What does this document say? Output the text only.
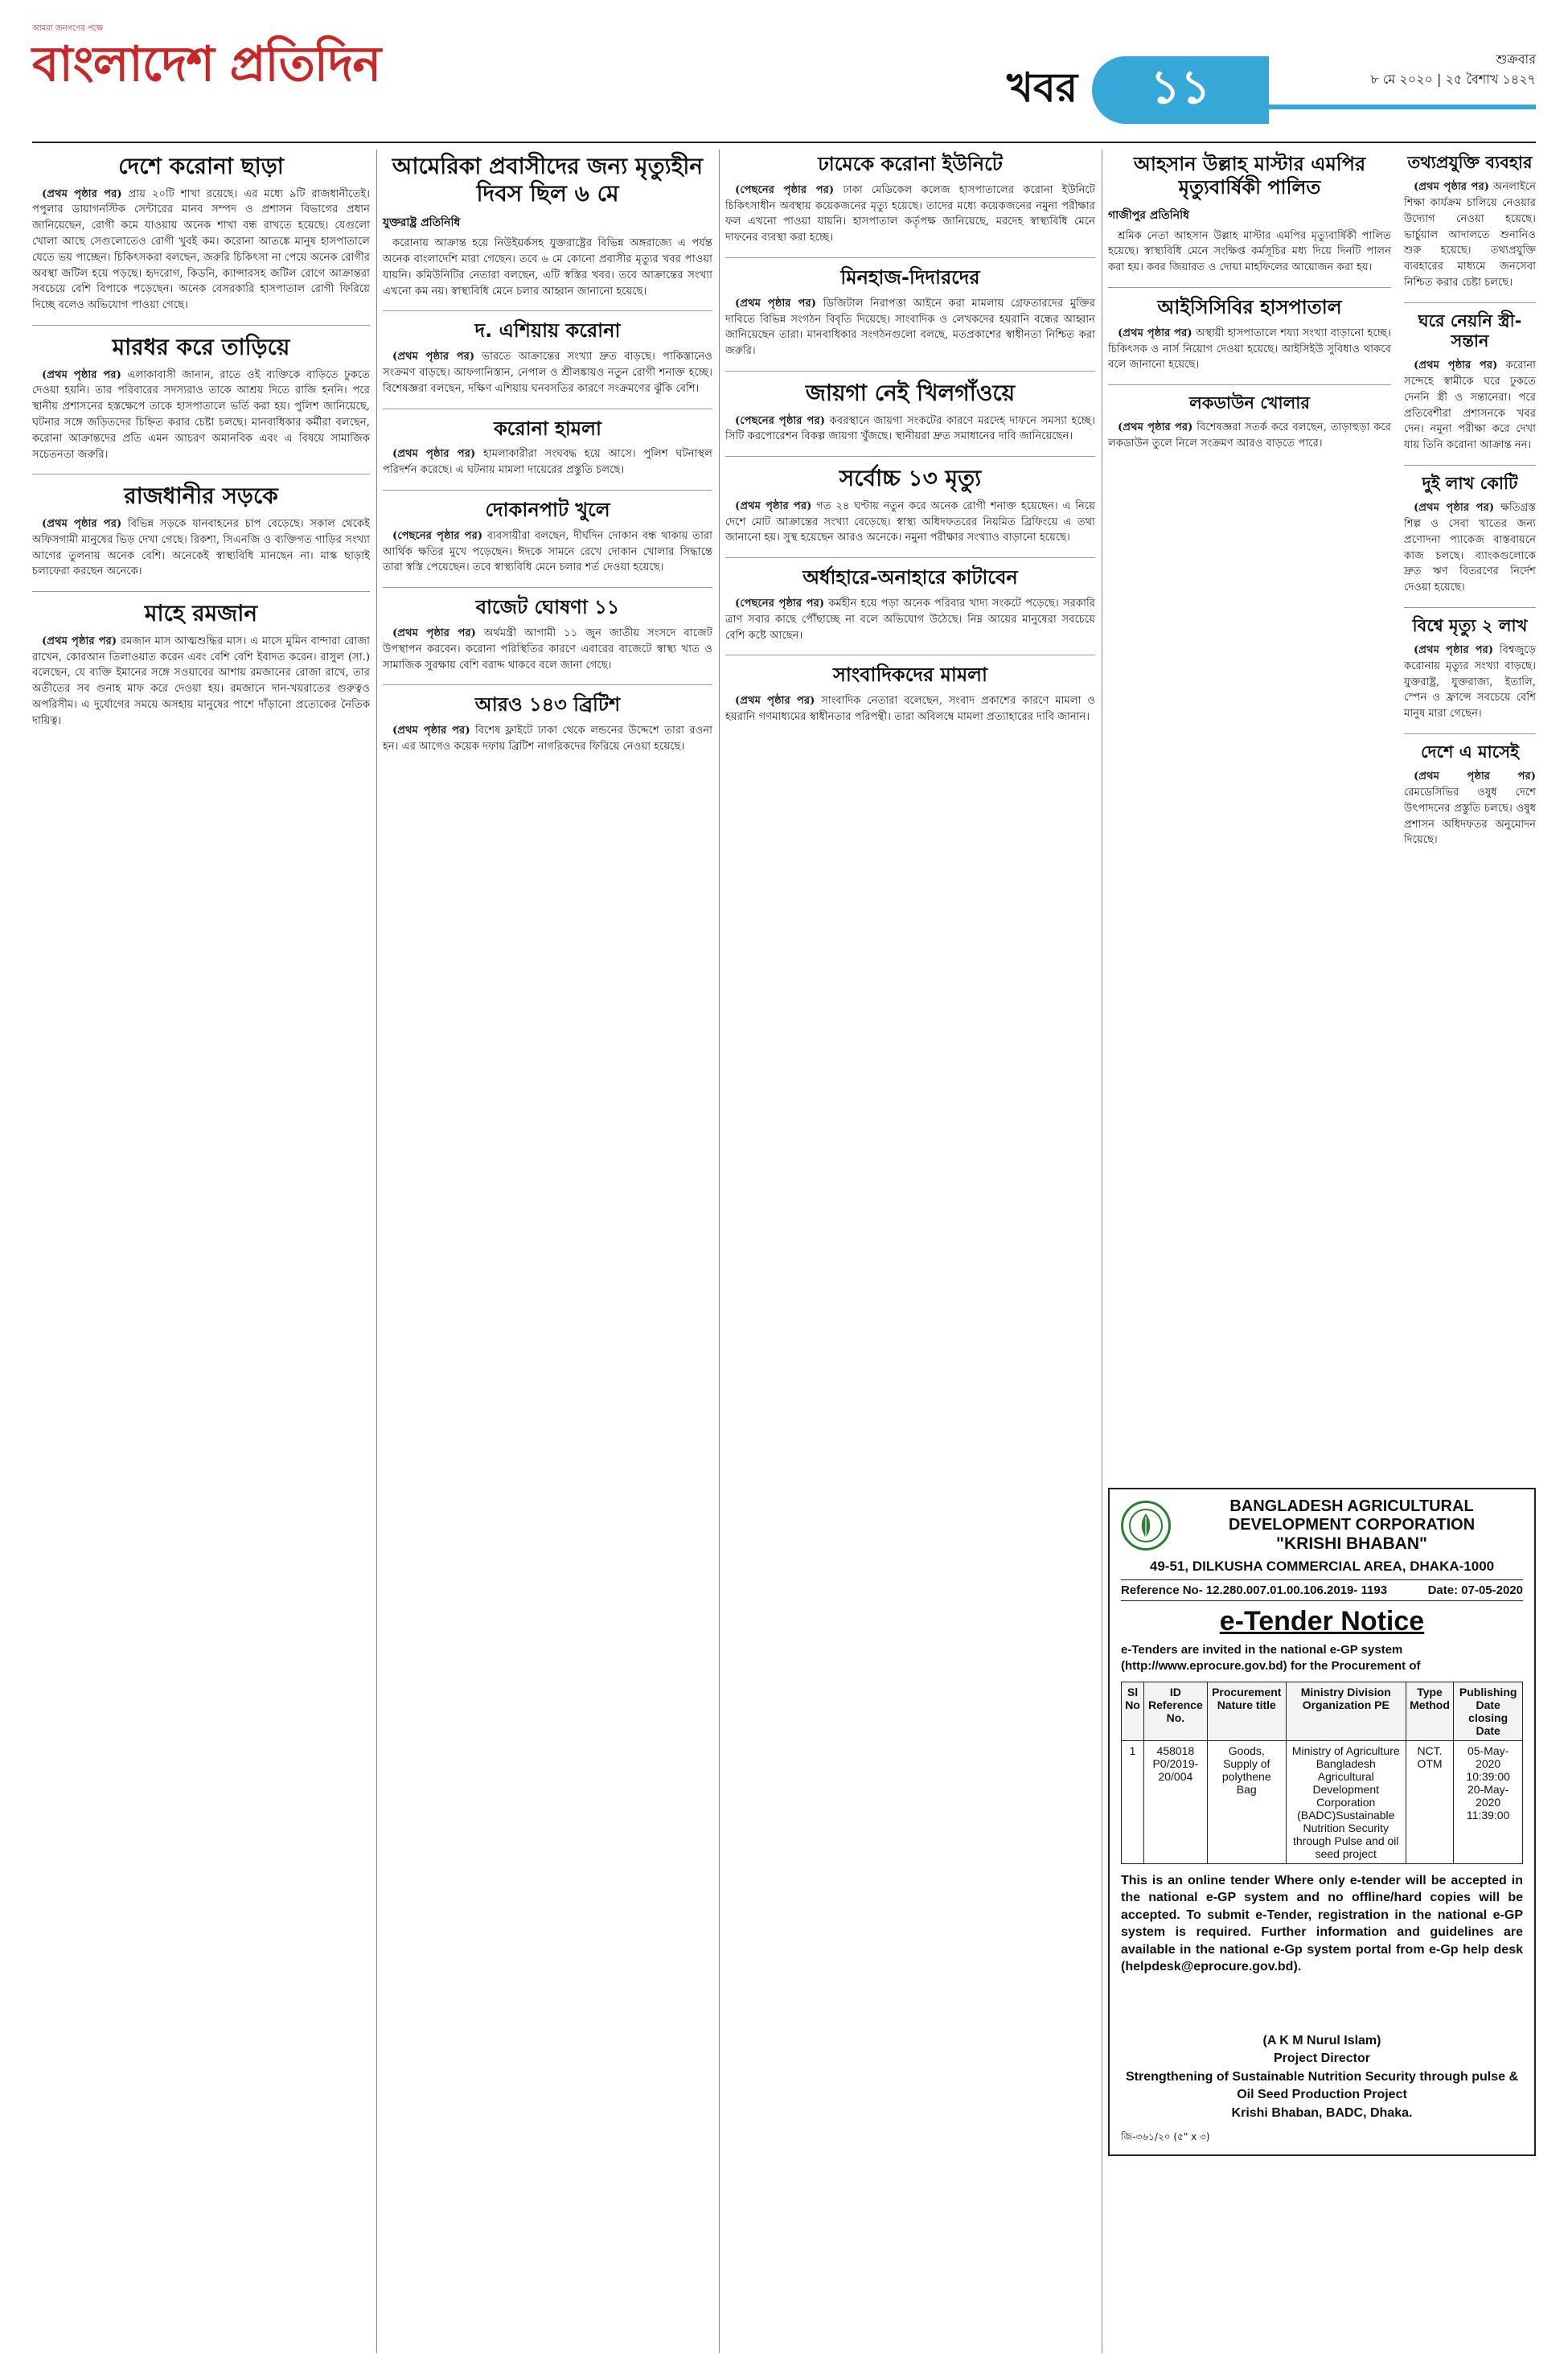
আমরা জনগণের পক্ষে
বাংলাদেশ প্রতিদিন	খবর	১১	শুক্রবার
৮ মে ২০২০ | ২৫ বৈশাখ ১৪২৭
দেশে করোনা ছাড়া

(প্রথম পৃষ্ঠার পর) প্রায় ২০টি শাখা রয়েছে। এর মধ্যে ৯টি রাজধানীতেই। পপুলার ডায়াগনস্টিক সেন্টারের মানব সম্পদ ও প্রশাসন বিভাগের প্রধান জানিয়েছেন, রোগী কমে যাওয়ায় অনেক শাখা বন্ধ রাখতে হয়েছে। যেগুলো খোলা আছে সেগুলোতেও রোগী খুবই কম। করোনা আতঙ্কে মানুষ হাসপাতালে যেতে ভয় পাচ্ছেন। চিকিৎসকরা বলছেন, জরুরি চিকিৎসা না পেয়ে অনেক রোগীর অবস্থা জটিল হয়ে পড়ছে। হৃদরোগ, কিডনি, ক্যান্সারসহ জটিল রোগে আক্রান্তরা সবচেয়ে বেশি বিপাকে পড়েছেন। অনেক বেসরকারি হাসপাতাল রোগী ফিরিয়ে দিচ্ছে বলেও অভিযোগ পাওয়া গেছে।

মারধর করে তাড়িয়ে

(প্রথম পৃষ্ঠার পর) এলাকাবাসী জানান, রাতে ওই ব্যক্তিকে বাড়িতে ঢুকতে দেওয়া হয়নি। তার পরিবারের সদস্যরাও তাকে আশ্রয় দিতে রাজি হননি। পরে স্থানীয় প্রশাসনের হস্তক্ষেপে তাকে হাসপাতালে ভর্তি করা হয়। পুলিশ জানিয়েছে, ঘটনার সঙ্গে জড়িতদের চিহ্নিত করার চেষ্টা চলছে। মানবাধিকার কর্মীরা বলছেন, করোনা আক্রান্তদের প্রতি এমন আচরণ অমানবিক এবং এ বিষয়ে সামাজিক সচেতনতা জরুরি।

রাজধানীর সড়কে

(প্রথম পৃষ্ঠার পর) বিভিন্ন সড়কে যানবাহনের চাপ বেড়েছে। সকাল থেকেই অফিসগামী মানুষের ভিড় দেখা গেছে। রিকশা, সিএনজি ও ব্যক্তিগত গাড়ির সংখ্যা আগের তুলনায় অনেক বেশি। অনেকেই স্বাস্থ্যবিধি মানছেন না। মাস্ক ছাড়াই চলাফেরা করছেন অনেকে।

মাহে রমজান

(প্রথম পৃষ্ঠার পর) রমজান মাস আত্মশুদ্ধির মাস। এ মাসে মুমিন বান্দারা রোজা রাখেন, কোরআন তিলাওয়াত করেন এবং বেশি বেশি ইবাদত করেন। রাসুল (সা.) বলেছেন, যে ব্যক্তি ইমানের সঙ্গে সওয়াবের আশায় রমজানের রোজা রাখে, তার অতীতের সব গুনাহ মাফ করে দেওয়া হয়। রমজানে দান-খয়রাতের গুরুত্বও অপরিসীম। এ দুর্যোগের সময়ে অসহায় মানুষের পাশে দাঁড়ানো প্রত্যেকের নৈতিক দায়িত্ব।

আমেরিকা প্রবাসীদের জন্য মৃত্যুহীন দিবস ছিল ৬ মে
যুক্তরাষ্ট্র প্রতিনিধি

করোনায় আক্রান্ত হয়ে নিউইয়র্কসহ যুক্তরাষ্ট্রের বিভিন্ন অঙ্গরাজ্যে এ পর্যন্ত অনেক বাংলাদেশি মারা গেছেন। তবে ৬ মে কোনো প্রবাসীর মৃত্যুর খবর পাওয়া যায়নি। কমিউনিটির নেতারা বলছেন, এটি স্বস্তির খবর। তবে আক্রান্তের সংখ্যা এখনো কম নয়। স্বাস্থ্যবিধি মেনে চলার আহ্বান জানানো হয়েছে।

দ. এশিয়ায় করোনা

(প্রথম পৃষ্ঠার পর) ভারতে আক্রান্তের সংখ্যা দ্রুত বাড়ছে। পাকিস্তানেও সংক্রমণ বাড়ছে। আফগানিস্তান, নেপাল ও শ্রীলঙ্কায়ও নতুন রোগী শনাক্ত হচ্ছে। বিশেষজ্ঞরা বলছেন, দক্ষিণ এশিয়ায় ঘনবসতির কারণে সংক্রমণের ঝুঁকি বেশি।

করোনা হামলা

(প্রথম পৃষ্ঠার পর) হামলাকারীরা সংঘবদ্ধ হয়ে আসে। পুলিশ ঘটনাস্থল পরিদর্শন করেছে। এ ঘটনায় মামলা দায়েরের প্রস্তুতি চলছে।

দোকানপাট খুলে

(পেছনের পৃষ্ঠার পর) ব্যবসায়ীরা বলছেন, দীর্ঘদিন দোকান বন্ধ থাকায় তারা আর্থিক ক্ষতির মুখে পড়েছেন। ঈদকে সামনে রেখে দোকান খোলার সিদ্ধান্তে তারা স্বস্তি পেয়েছেন। তবে স্বাস্থ্যবিধি মেনে চলার শর্ত দেওয়া হয়েছে।

বাজেট ঘোষণা ১১

(প্রথম পৃষ্ঠার পর) অর্থমন্ত্রী আগামী ১১ জুন জাতীয় সংসদে বাজেট উপস্থাপন করবেন। করোনা পরিস্থিতির কারণে এবারের বাজেটে স্বাস্থ্য খাত ও সামাজিক সুরক্ষায় বেশি বরাদ্দ থাকবে বলে জানা গেছে।

আরও ১৪৩ ব্রিটিশ

(প্রথম পৃষ্ঠার পর) বিশেষ ফ্লাইটে ঢাকা থেকে লন্ডনের উদ্দেশে তারা রওনা হন। এর আগেও কয়েক দফায় ব্রিটিশ নাগরিকদের ফিরিয়ে নেওয়া হয়েছে।

ঢামেকে করোনা ইউনিটে

(পেছনের পৃষ্ঠার পর) ঢাকা মেডিকেল কলেজ হাসপাতালের করোনা ইউনিটে চিকিৎসাধীন অবস্থায় কয়েকজনের মৃত্যু হয়েছে। তাদের মধ্যে কয়েকজনের নমুনা পরীক্ষার ফল এখনো পাওয়া যায়নি। হাসপাতাল কর্তৃপক্ষ জানিয়েছে, মরদেহ স্বাস্থ্যবিধি মেনে দাফনের ব্যবস্থা করা হচ্ছে।

মিনহাজ-দিদারদের

(প্রথম পৃষ্ঠার পর) ডিজিটাল নিরাপত্তা আইনে করা মামলায় গ্রেফতারদের মুক্তির দাবিতে বিভিন্ন সংগঠন বিবৃতি দিয়েছে। সাংবাদিক ও লেখকদের হয়রানি বন্ধের আহ্বান জানিয়েছেন তারা। মানবাধিকার সংগঠনগুলো বলছে, মতপ্রকাশের স্বাধীনতা নিশ্চিত করা জরুরি।

জায়গা নেই খিলগাঁওয়ে

(পেছনের পৃষ্ঠার পর) কবরস্থানে জায়গা সংকটের কারণে মরদেহ দাফনে সমস্যা হচ্ছে। সিটি করপোরেশন বিকল্প জায়গা খুঁজছে। স্থানীয়রা দ্রুত সমাধানের দাবি জানিয়েছেন।

সর্বোচ্চ ১৩ মৃত্যু

(প্রথম পৃষ্ঠার পর) গত ২৪ ঘণ্টায় নতুন করে অনেক রোগী শনাক্ত হয়েছেন। এ নিয়ে দেশে মোট আক্রান্তের সংখ্যা বেড়েছে। স্বাস্থ্য অধিদফতরের নিয়মিত ব্রিফিংয়ে এ তথ্য জানানো হয়। সুস্থ হয়েছেন আরও অনেকে। নমুনা পরীক্ষার সংখ্যাও বাড়ানো হয়েছে।

অর্ধাহারে-অনাহারে কাটাবেন

(পেছনের পৃষ্ঠার পর) কর্মহীন হয়ে পড়া অনেক পরিবার খাদ্য সংকটে পড়েছে। সরকারি ত্রাণ সবার কাছে পৌঁছাচ্ছে না বলে অভিযোগ উঠেছে। নিম্ন আয়ের মানুষেরা সবচেয়ে বেশি কষ্টে আছেন।

সাংবাদিকদের মামলা

(প্রথম পৃষ্ঠার পর) সাংবাদিক নেতারা বলেছেন, সংবাদ প্রকাশের কারণে মামলা ও হয়রানি গণমাধ্যমের স্বাধীনতার পরিপন্থী। তারা অবিলম্বে মামলা প্রত্যাহারের দাবি জানান।

আহসান উল্লাহ মাস্টার এমপির মৃত্যুবার্ষিকী পালিত
গাজীপুর প্রতিনিধি

শ্রমিক নেতা আহসান উল্লাহ মাস্টার এমপির মৃত্যুবার্ষিকী পালিত হয়েছে। স্বাস্থ্যবিধি মেনে সংক্ষিপ্ত কর্মসূচির মধ্য দিয়ে দিনটি পালন করা হয়। কবর জিয়ারত ও দোয়া মাহফিলের আয়োজন করা হয়।

আইসিসিবির হাসপাতাল

(প্রথম পৃষ্ঠার পর) অস্থায়ী হাসপাতালে শয্যা সংখ্যা বাড়ানো হচ্ছে। চিকিৎসক ও নার্স নিয়োগ দেওয়া হয়েছে। আইসিইউ সুবিধাও থাকবে বলে জানানো হয়েছে।

লকডাউন খোলার

(প্রথম পৃষ্ঠার পর) বিশেষজ্ঞরা সতর্ক করে বলছেন, তাড়াহুড়া করে লকডাউন তুলে নিলে সংক্রমণ আরও বাড়তে পারে।

তথ্যপ্রযুক্তি ব্যবহার

(প্রথম পৃষ্ঠার পর) অনলাইনে শিক্ষা কার্যক্রম চালিয়ে নেওয়ার উদ্যোগ নেওয়া হয়েছে। ভার্চুয়াল আদালতে শুনানিও শুরু হয়েছে। তথ্যপ্রযুক্তি ব্যবহারের মাধ্যমে জনসেবা নিশ্চিত করার চেষ্টা চলছে।

ঘরে নেয়নি স্ত্রী-সন্তান

(প্রথম পৃষ্ঠার পর) করোনা সন্দেহে স্বামীকে ঘরে ঢুকতে দেননি স্ত্রী ও সন্তানেরা। পরে প্রতিবেশীরা প্রশাসনকে খবর দেন। নমুনা পরীক্ষা করে দেখা যায় তিনি করোনা আক্রান্ত নন।

দুই লাখ কোটি

(প্রথম পৃষ্ঠার পর) ক্ষতিগ্রস্ত শিল্প ও সেবা খাতের জন্য প্রণোদনা প্যাকেজ বাস্তবায়নে কাজ চলছে। ব্যাংকগুলোকে দ্রুত ঋণ বিতরণের নির্দেশ দেওয়া হয়েছে।

বিশ্বে মৃত্যু ২ লাখ

(প্রথম পৃষ্ঠার পর) বিশ্বজুড়ে করোনায় মৃত্যুর সংখ্যা বাড়ছে। যুক্তরাষ্ট্র, যুক্তরাজ্য, ইতালি, স্পেন ও ফ্রান্সে সবচেয়ে বেশি মানুষ মারা গেছেন।

দেশে এ মাসেই

(প্রথম পৃষ্ঠার পর) রেমডেসিভির ওষুধ দেশে উৎপাদনের প্রস্তুতি চলছে। ওষুধ প্রশাসন অধিদফতর অনুমোদন দিয়েছে।

BANGLADESH AGRICULTURAL DEVELOPMENT CORPORATION
"KRISHI BHABAN"
49-51, DILKUSHA COMMERCIAL AREA, DHAKA-1000
Reference No- 12.280.007.01.00.106.2019- 1193	Date: 07-05-2020
e-Tender Notice
e-Tenders are invited in the national e-GP system (http://www.eprocure.gov.bd) for the Procurement of
Sl No	ID Reference No.	Procurement Nature title	Ministry Division Organization PE	Type Method	Publishing Date closing Date
1	458018 P0/2019-20/004	Goods, Supply of polythene Bag	Ministry of Agriculture Bangladesh Agricultural Development Corporation (BADC)Sustainable Nutrition Security through Pulse and oil seed project	NCT. OTM	05-May-2020 10:39:00 20-May-2020 11:39:00
This is an online tender Where only e-tender will be accepted in the national e-GP system and no offline/hard copies will be accepted. To submit e-Tender, registration in the national e-GP system is required. Further information and guidelines are available in the national e-Gp system portal from e-Gp help desk (helpdesk@eprocure.gov.bd).
(A K M Nurul Islam)
Project Director
Strengthening of Sustainable Nutrition Security through pulse & Oil Seed Production Project
Krishi Bhaban, BADC, Dhaka.
জি-৩৬১/২০ (৫" x ৩)
